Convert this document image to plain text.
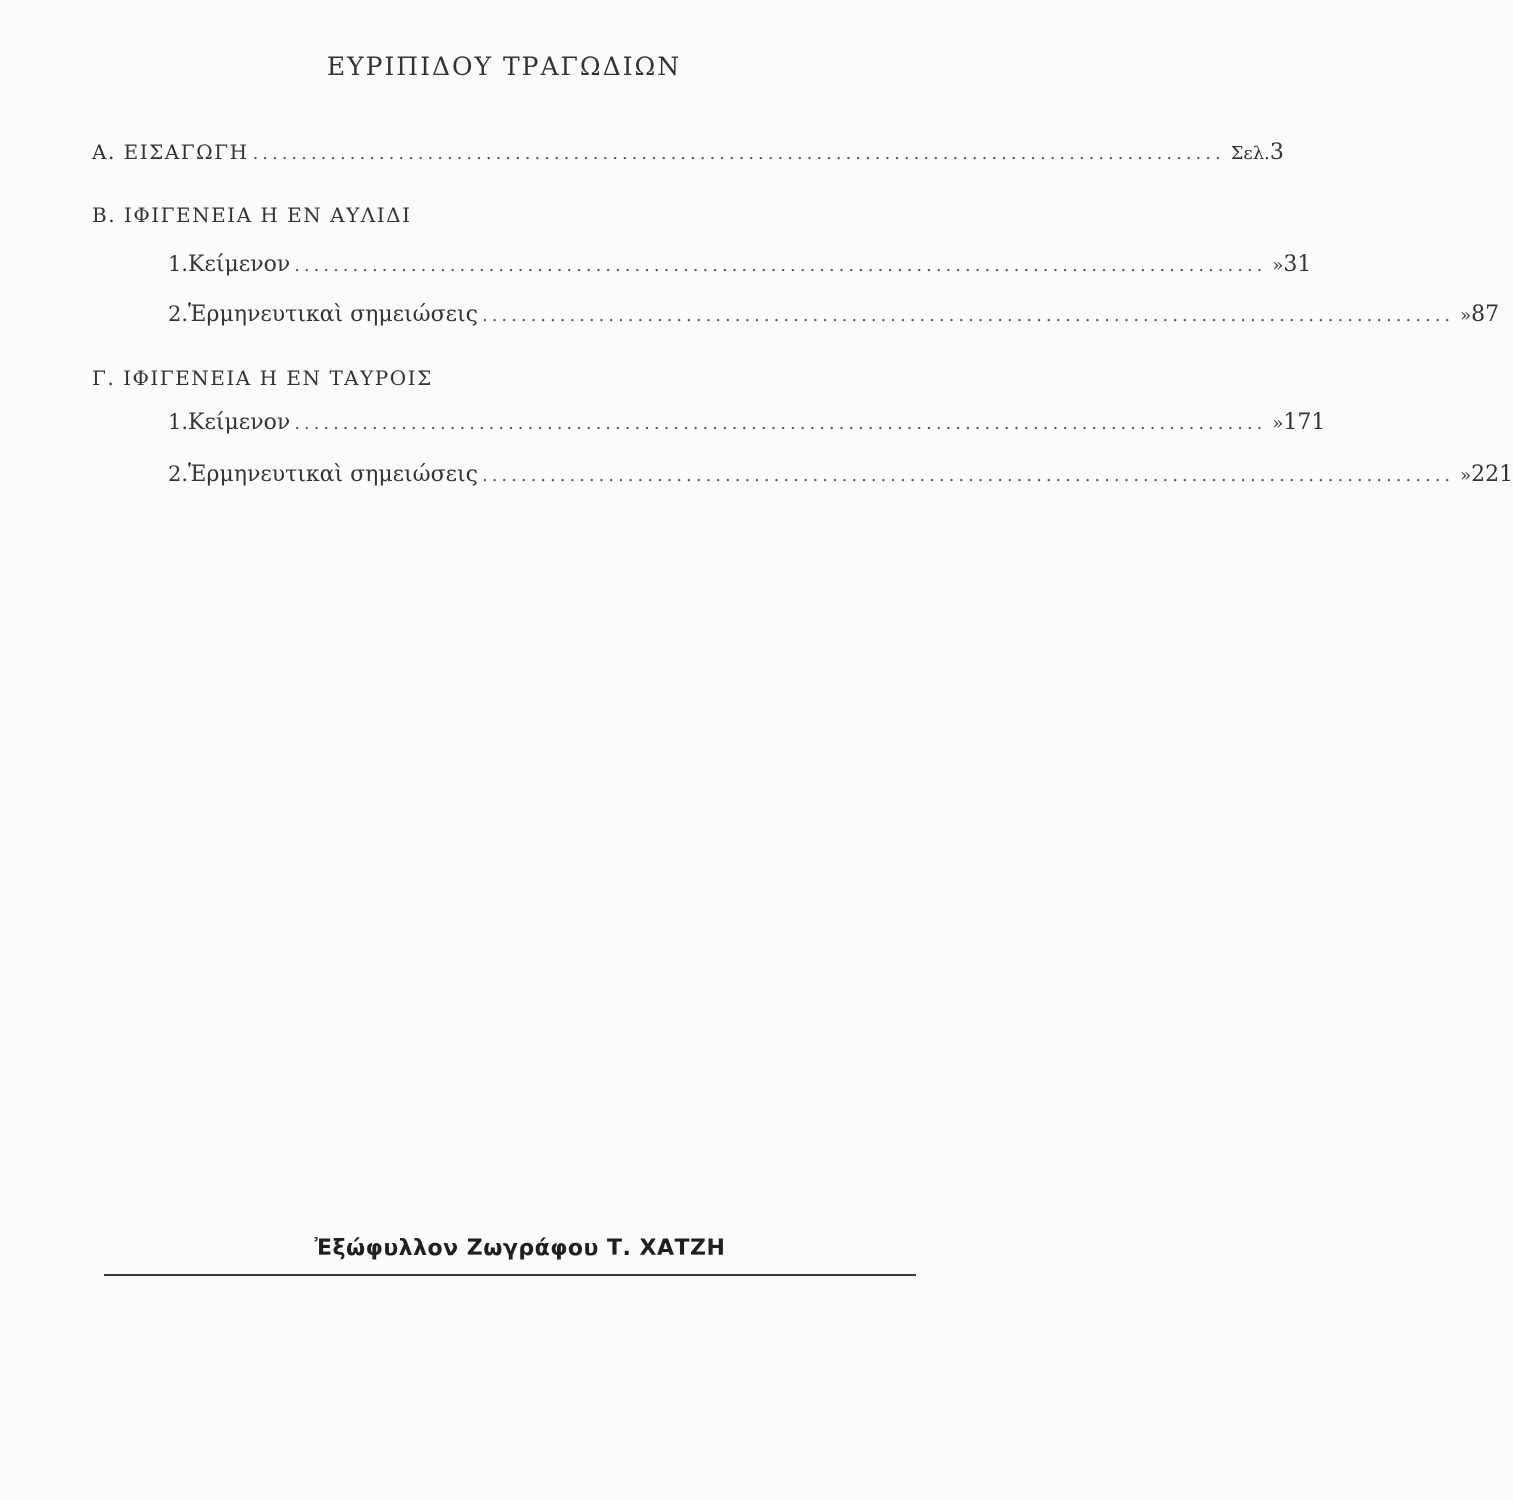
ΕΥΡΙΠΙΔΟΥ ΤΡΑΓΩΔΙΩΝ
Α. ΕΙΣΑΓΩΓΗ .................................................................................................... Σελ. 3
Β. ΙΦΙΓΕΝΕΙΑ Η ΕΝ ΑΥΛΙΔΙ
1. Κείμενον .................................................................................................... » 31
2. Ἑρμηνευτικαὶ σημειώσεις .................................................................................................... » 87
Γ. ΙΦΙΓΕΝΕΙΑ Η ΕΝ ΤΑΥΡΟΙΣ
1. Κείμενον .................................................................................................... » 171
2. Ἑρμηνευτικαὶ σημειώσεις .................................................................................................... » 221
Ἐξώφυλλον Ζωγράφου Τ. ΧΑΤΖΗ
